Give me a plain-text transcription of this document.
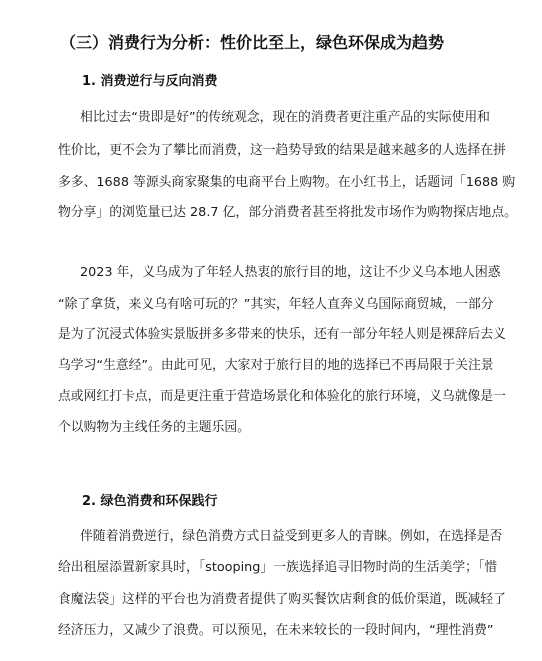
（三）消费行为分析：性价比至上，绿色环保成为趋势
1. 消费逆行与反向消费
相比过去“贵即是好”的传统观念，现在的消费者更注重产品的实际使用和
性价比，更不会为了攀比而消费，这一趋势导致的结果是越来越多的人选择在拼
多多、1688 等源头商家聚集的电商平台上购物。在小红书上，话题词「1688 购
物分享」的浏览量已达 28.7 亿，部分消费者甚至将批发市场作为购物探店地点。
2023 年，义乌成为了年轻人热衷的旅行目的地，这让不少义乌本地人困惑
“除了拿货，来义乌有啥可玩的？”其实，年轻人直奔义乌国际商贸城，一部分
是为了沉浸式体验实景版拼多多带来的快乐，还有一部分年轻人则是裸辞后去义
乌学习“生意经”。由此可见，大家对于旅行目的地的选择已不再局限于关注景
点或网红打卡点，而是更注重于营造场景化和体验化的旅行环境，义乌就像是一
个以购物为主线任务的主题乐园。
2. 绿色消费和环保践行
伴随着消费逆行，绿色消费方式日益受到更多人的青睐。例如，在选择是否
给出租屋添置新家具时，「stooping」一族选择追寻旧物时尚的生活美学；「惜
食魔法袋」这样的平台也为消费者提供了购买餐饮店剩食的低价渠道，既减轻了
经济压力，又减少了浪费。可以预见，在未来较长的一段时间内，“理性消费”
